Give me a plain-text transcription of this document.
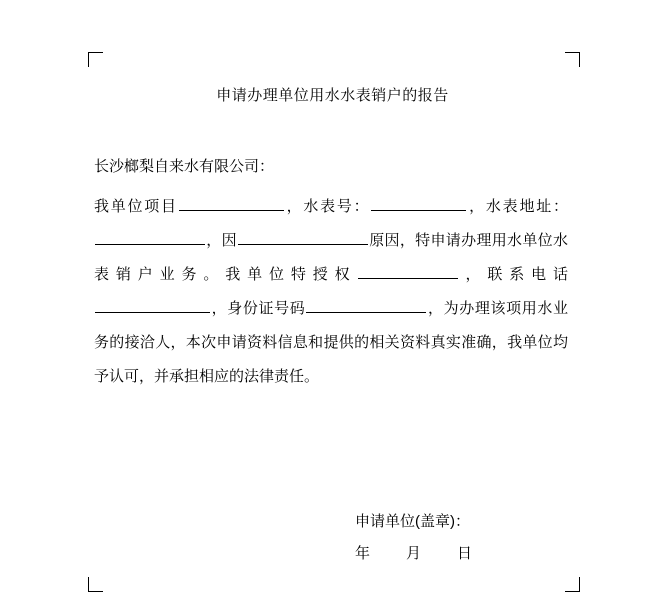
申请办理单位用水水表销户的报告
长沙榔梨自来水有限公司：
我单位项目	，水表号：	，水表地址：，因	原因，特申请办理用水单位水表销户业务。我单位特授权	，联系电话，身份证号码	，为办理该项用水业务的接洽人，本次申请资料信息和提供的相关资料真实准确，我单位均予认可，并承担相应的法律责任。
申请单位(盖章)：
年 月 日
